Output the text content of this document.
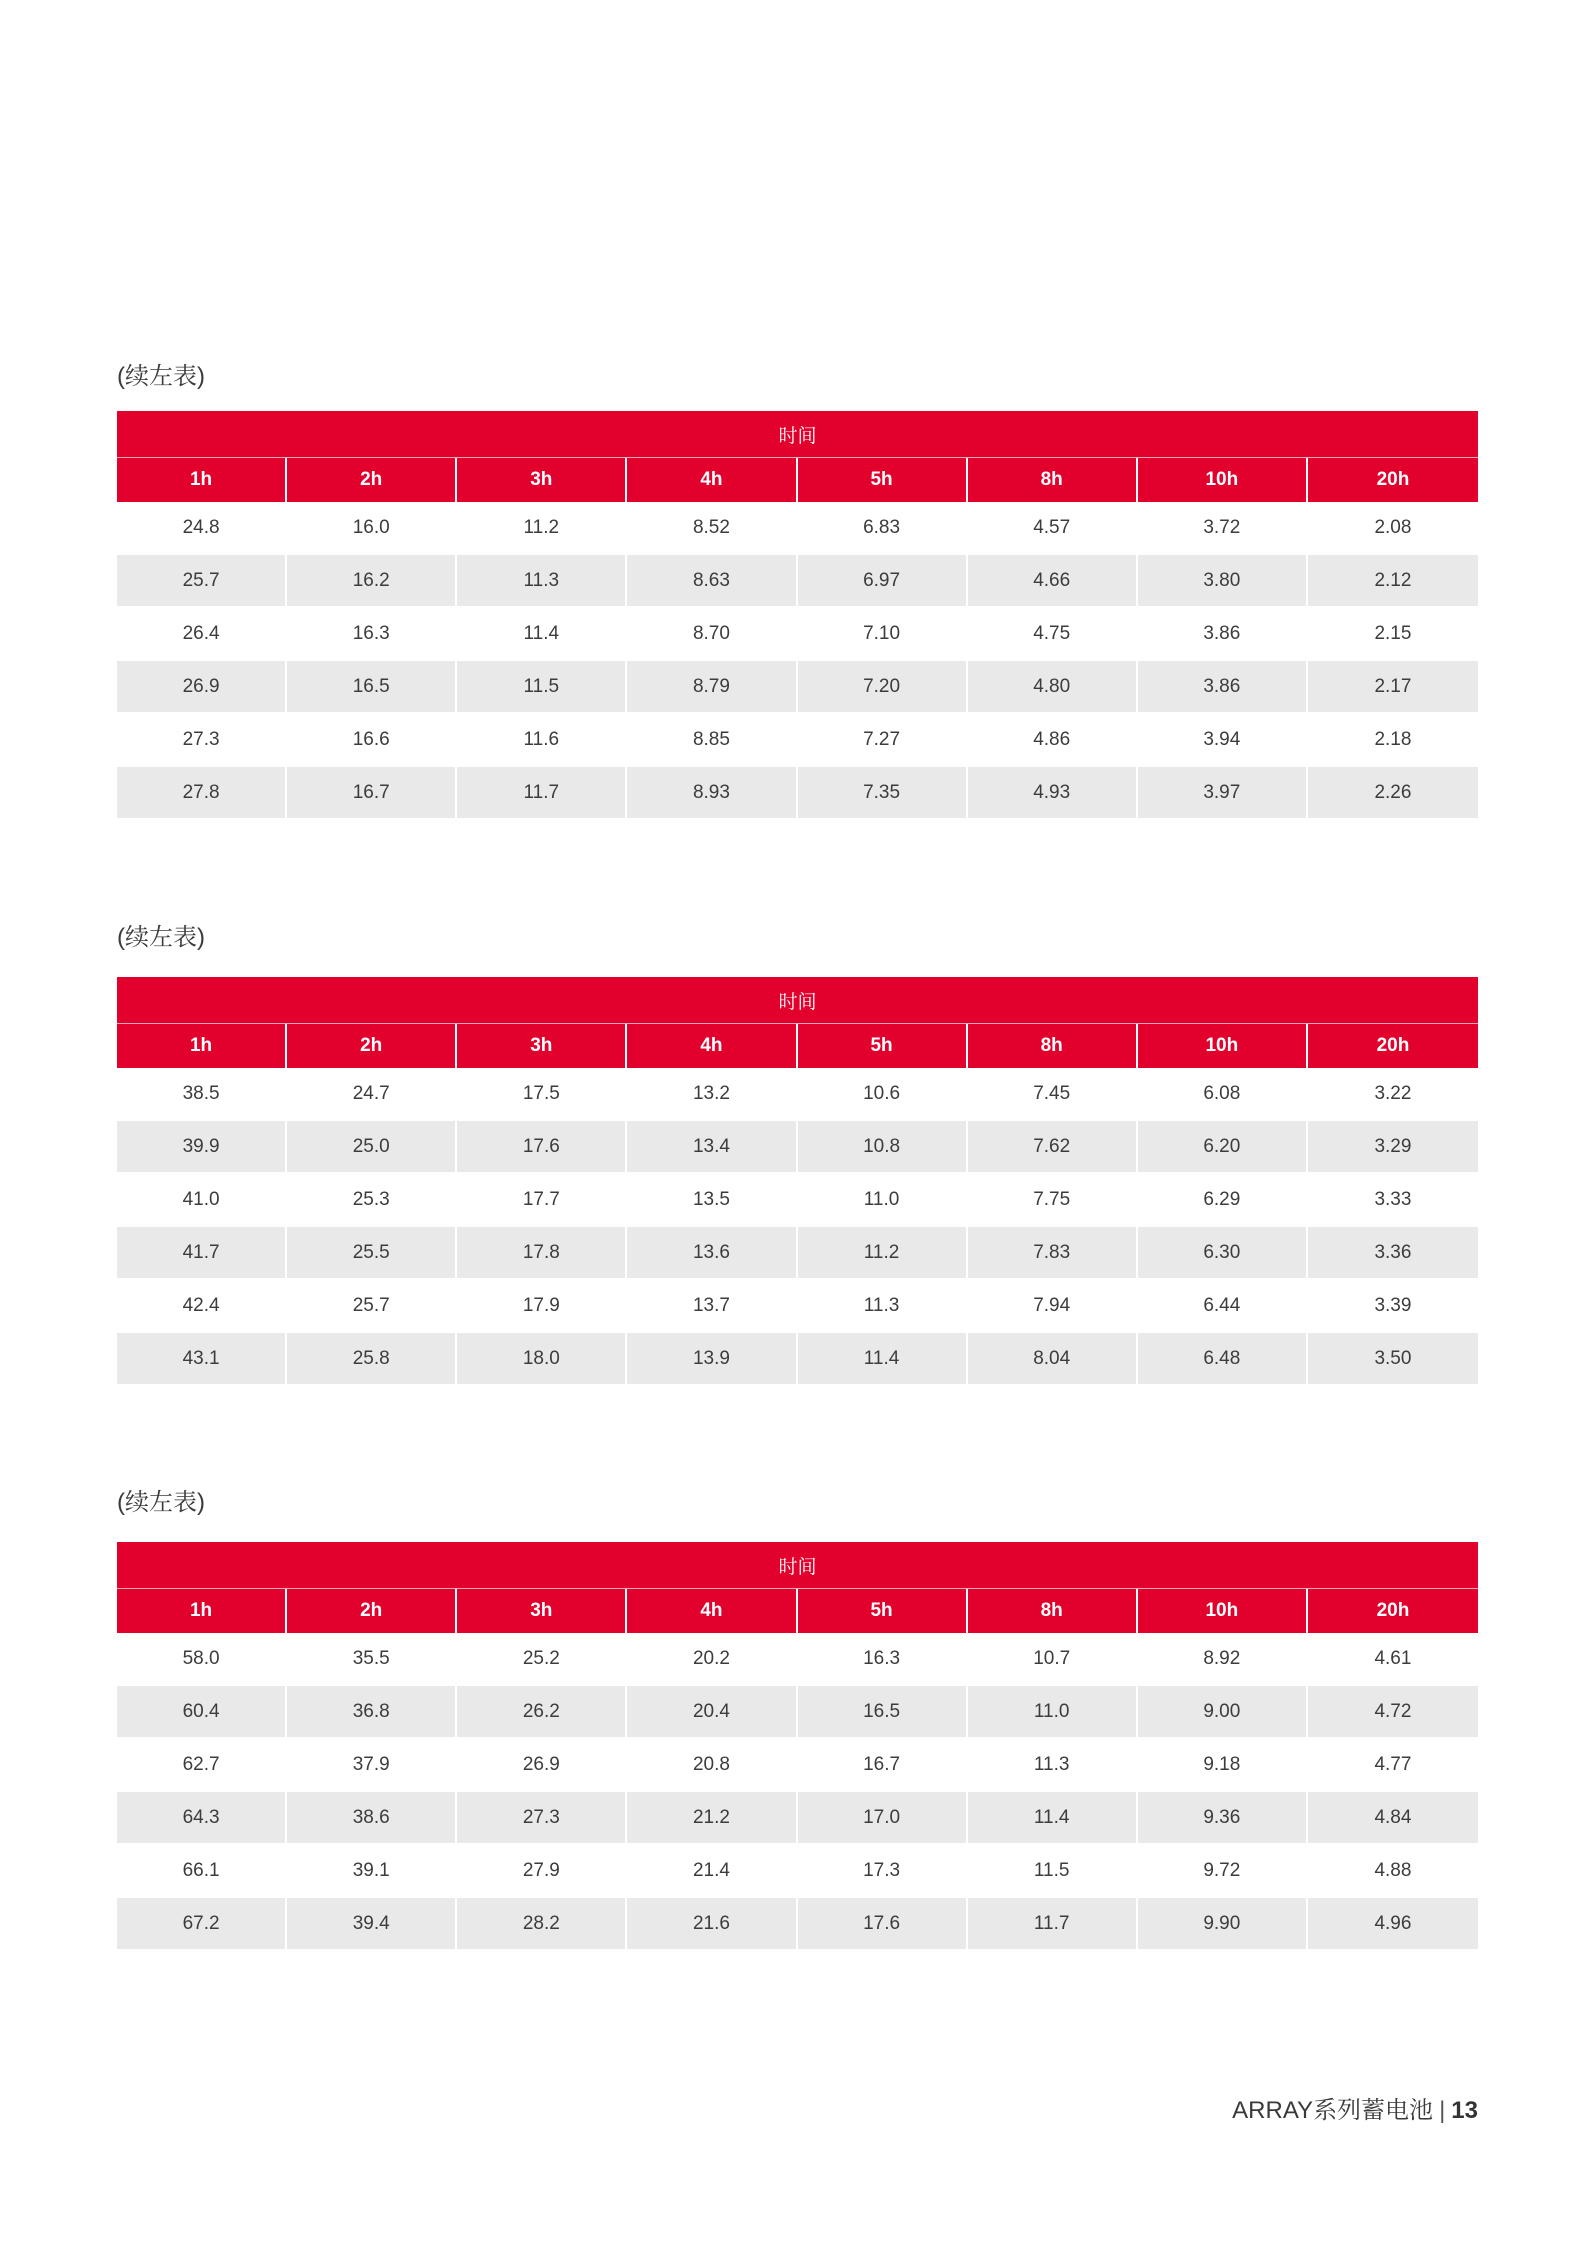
(续左表)
时间							
1h	2h	3h	4h	5h	8h	10h	20h
24.8	16.0	11.2	8.52	6.83	4.57	3.72	2.08
25.7	16.2	11.3	8.63	6.97	4.66	3.80	2.12
26.4	16.3	11.4	8.70	7.10	4.75	3.86	2.15
26.9	16.5	11.5	8.79	7.20	4.80	3.86	2.17
27.3	16.6	11.6	8.85	7.27	4.86	3.94	2.18
27.8	16.7	11.7	8.93	7.35	4.93	3.97	2.26
(续左表)
时间							
1h	2h	3h	4h	5h	8h	10h	20h
38.5	24.7	17.5	13.2	10.6	7.45	6.08	3.22
39.9	25.0	17.6	13.4	10.8	7.62	6.20	3.29
41.0	25.3	17.7	13.5	11.0	7.75	6.29	3.33
41.7	25.5	17.8	13.6	11.2	7.83	6.30	3.36
42.4	25.7	17.9	13.7	11.3	7.94	6.44	3.39
43.1	25.8	18.0	13.9	11.4	8.04	6.48	3.50
(续左表)
时间							
1h	2h	3h	4h	5h	8h	10h	20h
58.0	35.5	25.2	20.2	16.3	10.7	8.92	4.61
60.4	36.8	26.2	20.4	16.5	11.0	9.00	4.72
62.7	37.9	26.9	20.8	16.7	11.3	9.18	4.77
64.3	38.6	27.3	21.2	17.0	11.4	9.36	4.84
66.1	39.1	27.9	21.4	17.3	11.5	9.72	4.88
67.2	39.4	28.2	21.6	17.6	11.7	9.90	4.96
ARRAY系列蓄电池 | 13
